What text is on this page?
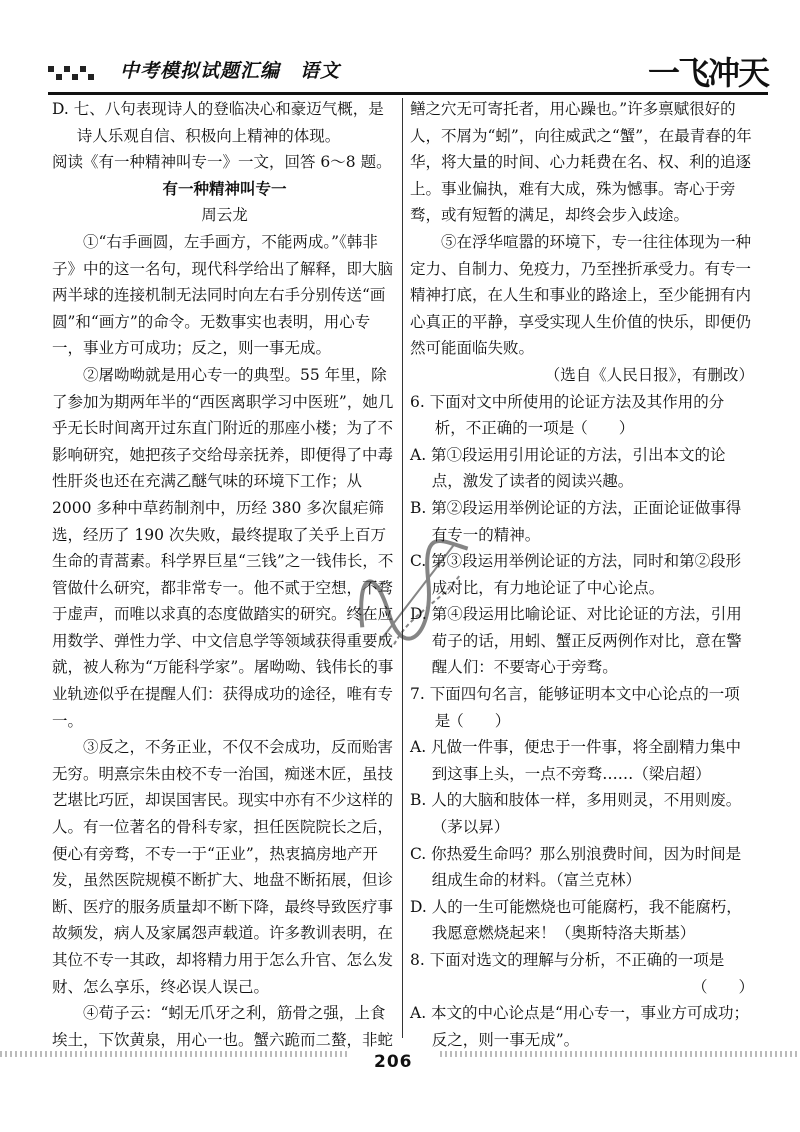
中考模拟试题汇编　语文	一飞冲天

D. 七、八句表现诗人的登临决心和豪迈气概，是诗人乐观自信、积极向上精神的体现。

阅读《有一种精神叫专一》一文，回答 6～8 题。

有一种精神叫专一

周云龙

①“右手画圆，左手画方，不能两成。”《韩非子》中的这一名句，现代科学给出了解释，即大脑两半球的连接机制无法同时向左右手分别传送“画圆”和“画方”的命令。无数事实也表明，用心专一，事业方可成功；反之，则一事无成。

②屠呦呦就是用心专一的典型。55 年里，除了参加为期两年半的“西医离职学习中医班”，她几乎无长时间离开过东直门附近的那座小楼；为了不影响研究，她把孩子交给母亲抚养，即便得了中毒性肝炎也还在充满乙醚气味的环境下工作；从 2000 多种中草药制剂中，历经 380 多次鼠疟筛选，经历了 190 次失败，最终提取了关乎上百万生命的青蒿素。科学界巨星“三钱”之一钱伟长，不管做什么研究，都非常专一。他不贰于空想，不骛于虚声，而唯以求真的态度做踏实的研究。终在应用数学、弹性力学、中文信息学等领域获得重要成就，被人称为“万能科学家”。屠呦呦、钱伟长的事业轨迹似乎在提醒人们：获得成功的途径，唯有专一。

③反之，不务正业，不仅不会成功，反而贻害无穷。明熹宗朱由校不专一治国，痴迷木匠，虽技艺堪比巧匠，却误国害民。现实中亦有不少这样的人。有一位著名的骨科专家，担任医院院长之后，便心有旁骛，不专一于“正业”，热衷搞房地产开发，虽然医院规模不断扩大、地盘不断拓展，但诊断、医疗的服务质量却不断下降，最终导致医疗事故频发，病人及家属怨声载道。许多教训表明，在其位不专一其政，却将精力用于怎么升官、怎么发财、怎么享乐，终必误人误己。

④荀子云：“蚓无爪牙之利，筋骨之强，上食埃土，下饮黄泉，用心一也。蟹六跪而二螯，非蛇

鳝之穴无可寄托者，用心躁也。”许多禀赋很好的人，不屑为“蚓”，向往威武之“蟹”，在最青春的年华，将大量的时间、心力耗费在名、权、利的追逐上。事业偏执，难有大成，殊为憾事。寄心于旁骛，或有短暂的满足，却终会步入歧途。

⑤在浮华喧嚣的环境下，专一往往体现为一种定力、自制力、免疫力，乃至挫折承受力。有专一精神打底，在人生和事业的路途上，至少能拥有内心真正的平静，享受实现人生价值的快乐，即便仍然可能面临失败。

（选自《人民日报》，有删改）

6. 下面对文中所使用的论证方法及其作用的分析，不正确的一项是（　　）

A. 第①段运用引用论证的方法，引出本文的论点，激发了读者的阅读兴趣。

B. 第②段运用举例论证的方法，正面论证做事得有专一的精神。

C. 第③段运用举例论证的方法，同时和第②段形成对比，有力地论证了中心论点。

D. 第④段运用比喻论证、对比论证的方法，引用荀子的话，用蚓、蟹正反两例作对比，意在警醒人们：不要寄心于旁骛。

7. 下面四句名言，能够证明本文中心论点的一项是（　　）

A. 凡做一件事，便忠于一件事，将全副精力集中到这事上头，一点不旁骛……（梁启超）

B. 人的大脑和肢体一样，多用则灵，不用则废。（茅以昇）

C. 你热爱生命吗？那么别浪费时间，因为时间是组成生命的材料。（富兰克林）

D. 人的一生可能燃烧也可能腐朽，我不能腐朽，我愿意燃烧起来！（奥斯特洛夫斯基）

8. 下面对选文的理解与分析，不正确的一项是

（　　）

A. 本文的中心论点是“用心专一，事业方可成功；反之，则一事无成”。

206
